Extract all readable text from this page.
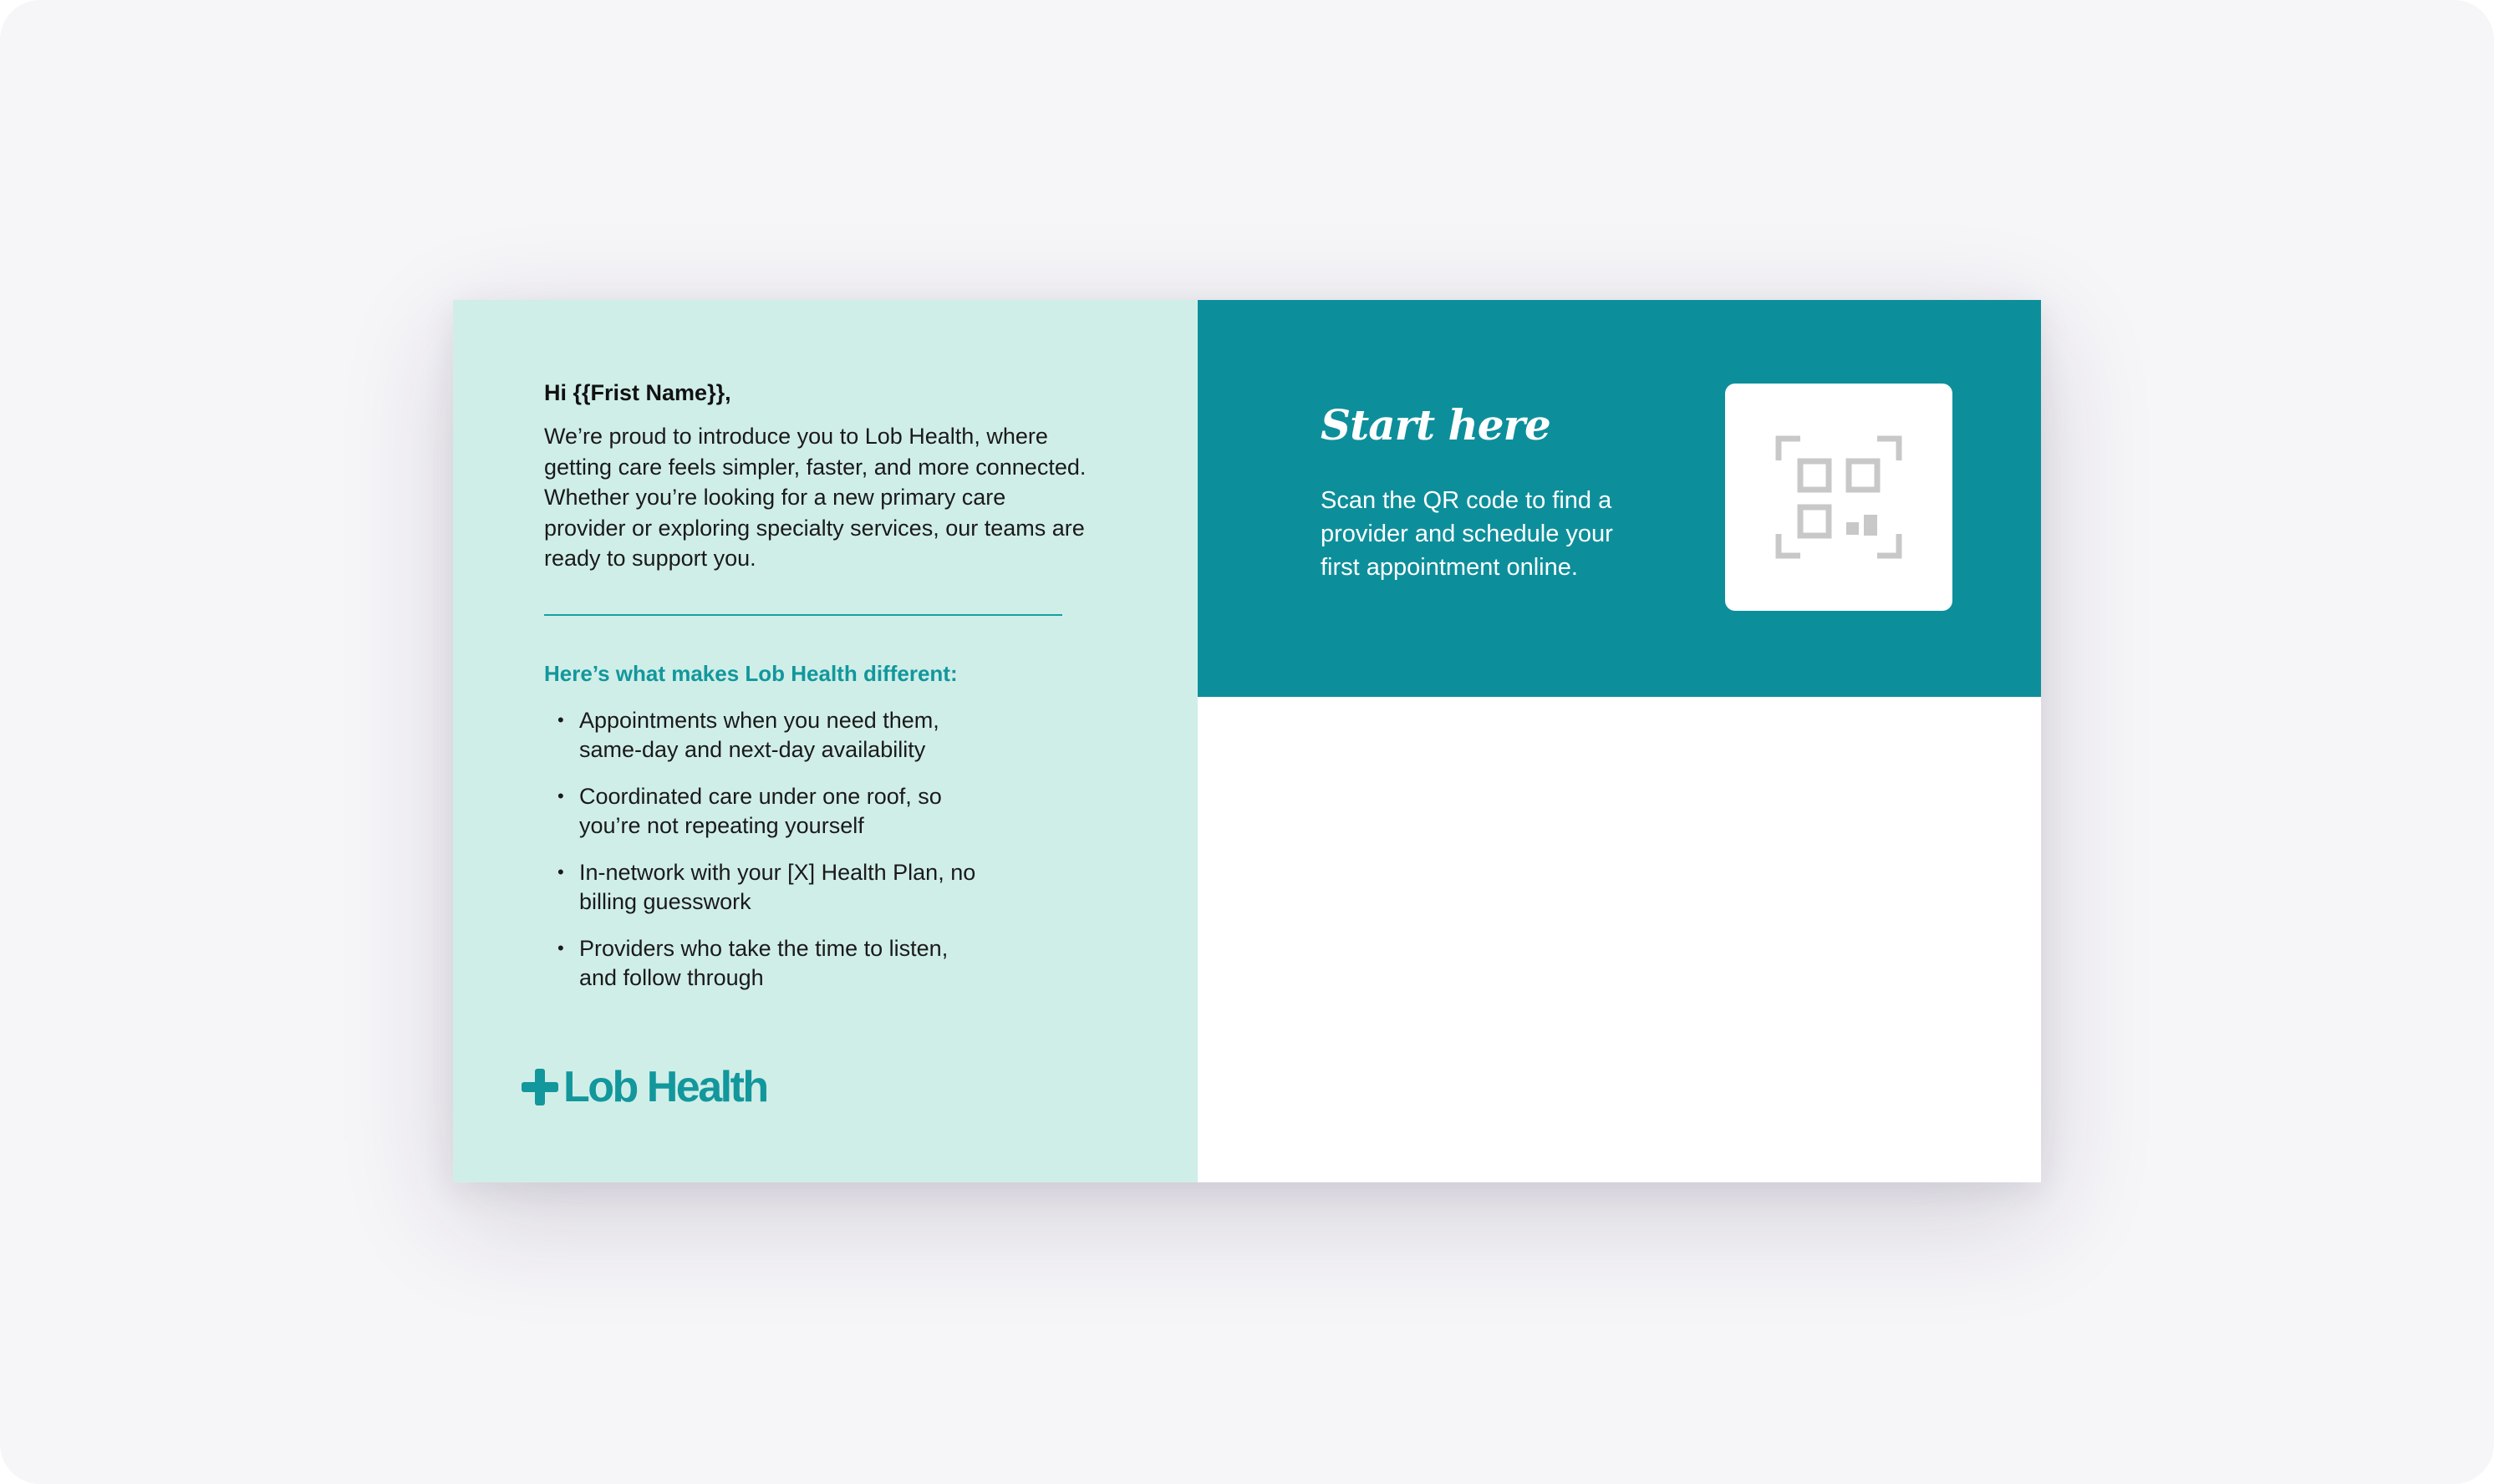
Hi {{Frist Name}},

We’re proud to introduce you to Lob Health, where getting care feels simpler, faster, and more connected. Whether you’re looking for a new primary care provider or exploring specialty services, our teams are ready to support you.

Here’s what makes Lob Health different:

• Appointments when you need them,
same-day and next-day availability
• Coordinated care under one roof, so
you’re not repeating yourself
• In-network with your [X] Health Plan, no
billing guesswork
• Providers who take the time to listen,
and follow through
Lob Health
Start here

Scan the QR code to find a
provider and schedule your
first appointment online.
